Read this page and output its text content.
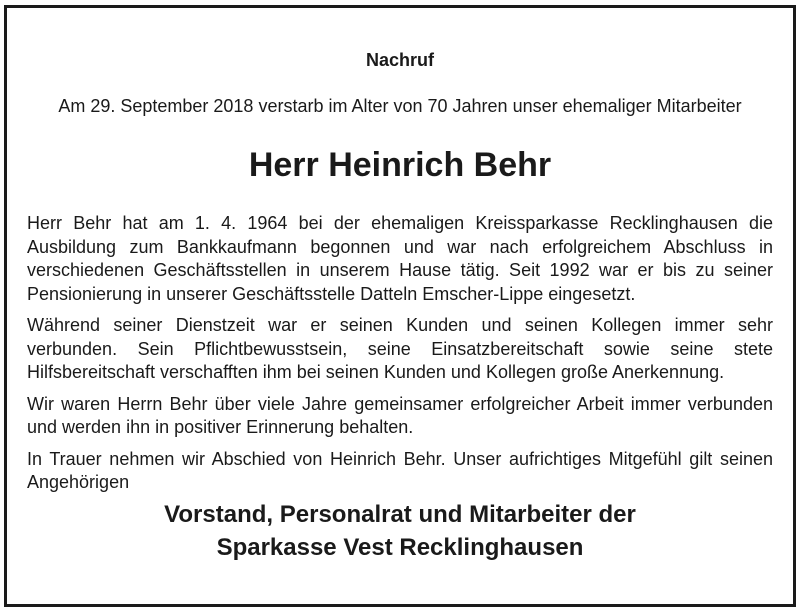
Nachruf
Am 29. September 2018 verstarb im Alter von 70 Jahren unser ehemaliger Mitarbeiter
Herr Heinrich Behr

Herr Behr hat am 1. 4. 1964 bei der ehemaligen Kreissparkasse Recklinghausen die Ausbildung zum Bankkaufmann begonnen und war nach erfolgreichem Abschluss in verschiedenen Geschäftsstellen in unserem Hause tätig. Seit 1992 war er bis zu seiner Pensionierung in unserer Geschäftsstelle Datteln Emscher-Lippe eingesetzt.

Während seiner Dienstzeit war er seinen Kunden und seinen Kollegen immer sehr verbunden. Sein Pflichtbewusstsein, seine Einsatzbereitschaft sowie seine stete Hilfsbereitschaft verschafften ihm bei seinen Kunden und Kollegen große Anerkennung.

Wir waren Herrn Behr über viele Jahre gemeinsamer erfolgreicher Arbeit immer verbunden und werden ihn in positiver Erinnerung behalten.

In Trauer nehmen wir Abschied von Heinrich Behr. Unser aufrichtiges Mitgefühl gilt seinen Angehörigen

Vorstand, Personalrat und Mitarbeiter der
Sparkasse Vest Recklinghausen
